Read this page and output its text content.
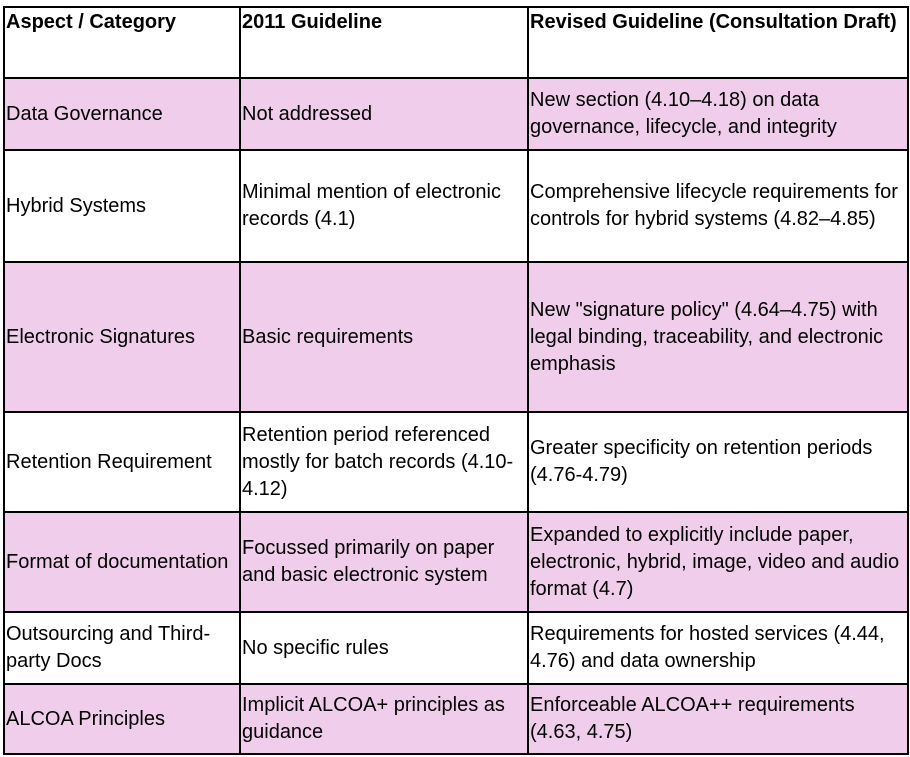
Aspect / Category	2011 Guideline	Revised Guideline (Consultation Draft)
Data Governance	Not addressed	New section (4.10–4.18) on data governance, lifecycle, and integrity
Hybrid Systems	Minimal mention of electronic records (4.1)	Comprehensive lifecycle requirements for controls for hybrid systems (4.82–4.85)
Electronic Signatures	Basic requirements	New "signature policy" (4.64–4.75) with legal binding, traceability, and electronic emphasis
Retention Requirement	Retention period referenced mostly for batch records (4.10-4.12)	Greater specificity on retention periods (4.76-4.79)
Format of documentation	Focussed primarily on paper and basic electronic system	Expanded to explicitly include paper, electronic, hybrid, image, video and audio format (4.7)
Outsourcing and Third-party Docs	No specific rules	Requirements for hosted services (4.44, 4.76) and data ownership
ALCOA Principles	Implicit ALCOA+ principles as guidance	Enforceable ALCOA++ requirements (4.63, 4.75)
